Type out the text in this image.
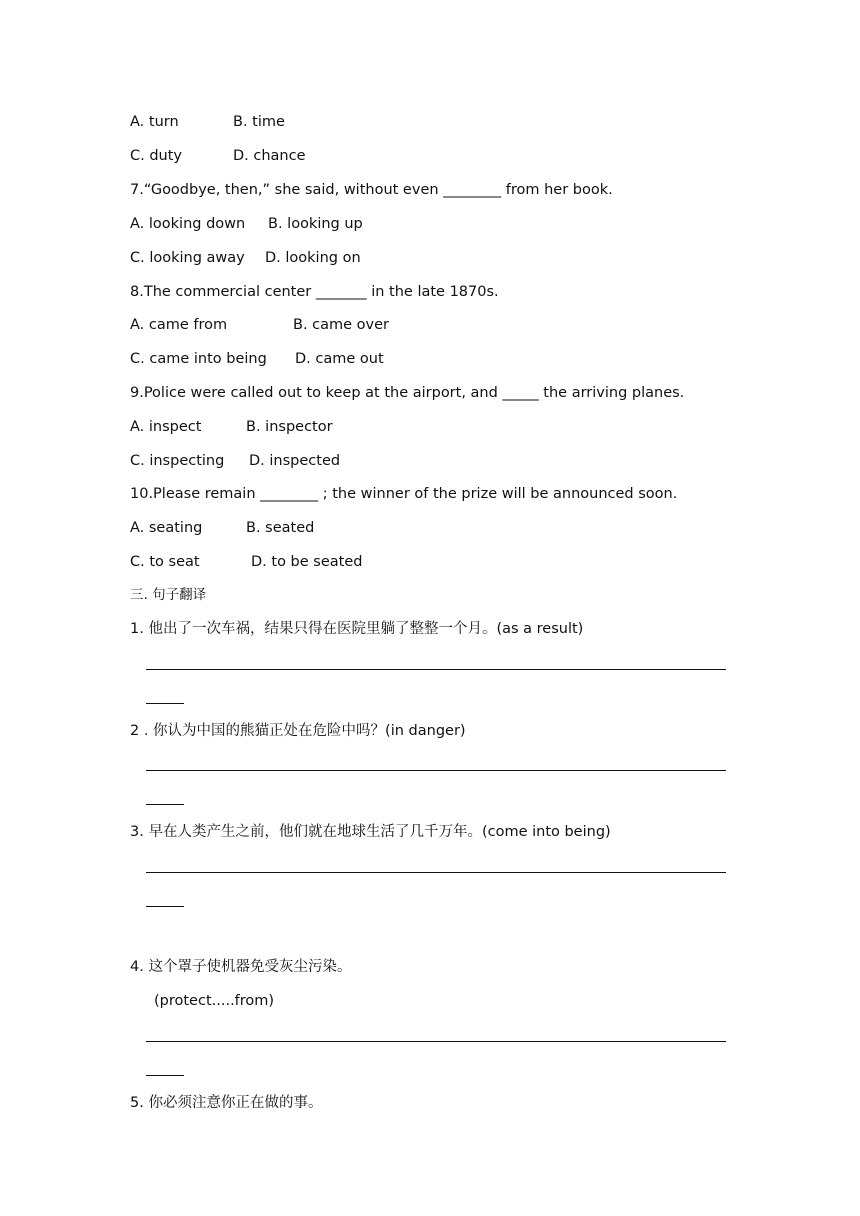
A. turn	B. time
C. duty	D. chance
7.“Goodbye, then,” she said, without even ________ from her book.
A. looking down B. looking up
C. looking away D. looking on
8.The commercial center _______ in the late 1870s.
A. came from	B. came over
C. came into being D. came out
9.Police were called out to keep at the airport, and _____ the arriving planes.
A. inspect	B. inspector
C. inspecting D. inspected
10.Please remain ________ ; the winner of the prize will be announced soon.
A. seating	B. seated
C. to seat	D. to be seated
三. 句子翻译
1. 他出了一次车祸，结果只得在医院里躺了整整一个月。(as a result)
2 . 你认为中国的熊猫正处在危险中吗？(in danger)
3. 早在人类产生之前，他们就在地球生活了几千万年。(come into being)
4. 这个罩子使机器免受灰尘污染。
(protect.....from)
5. 你必须注意你正在做的事。
